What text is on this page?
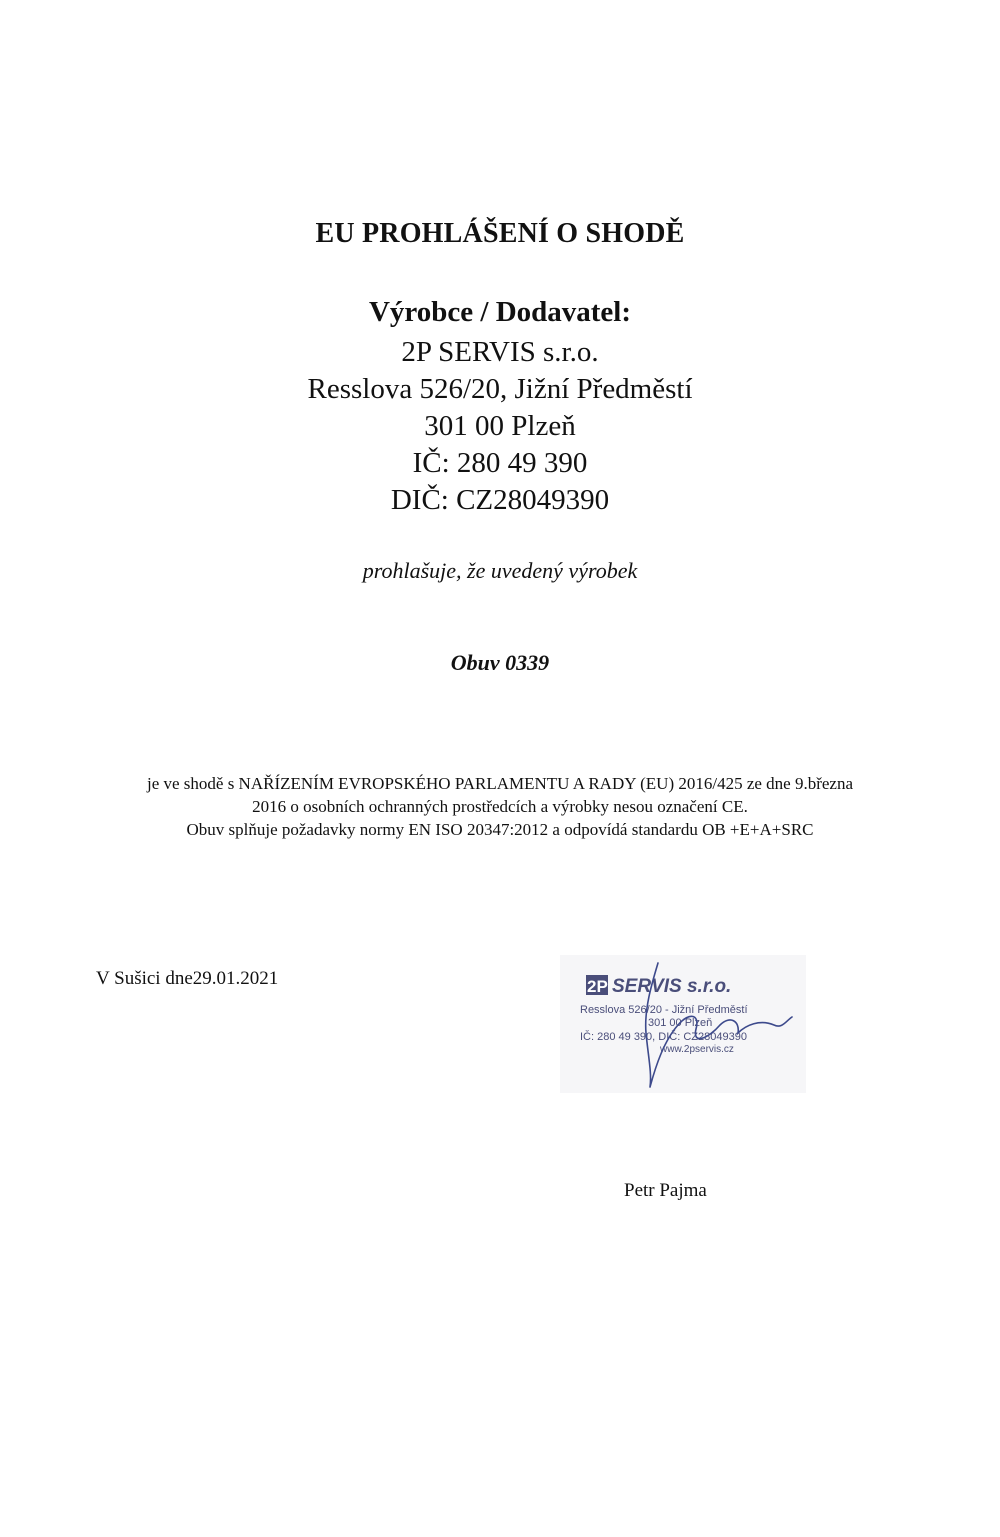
EU PROHLÁŠENÍ O SHODĚ
Výrobce / Dodavatel:
2P SERVIS s.r.o.
Resslova 526/20, Jižní Předměstí
301 00 Plzeň
IČ: 280 49 390
DIČ: CZ28049390
prohlašuje, že uvedený výrobek
Obuv 0339
je ve shodě s NAŘÍZENÍM EVROPSKÉHO PARLAMENTU A RADY (EU) 2016/425 ze dne 9.března
2016 o osobních ochranných prostředcích a výrobky nesou označení CE.
Obuv splňuje požadavky normy EN ISO 20347:2012 a odpovídá standardu OB +E+A+SRC
V Sušici dne29.01.2021	2P SERVIS s.r.o.
Resslova 526/20 - Jižní Předměstí
301 00 Plzeň
IČ: 280 49 390, DIČ: CZ28049390
www.2pservis.cz
Petr Pajma
